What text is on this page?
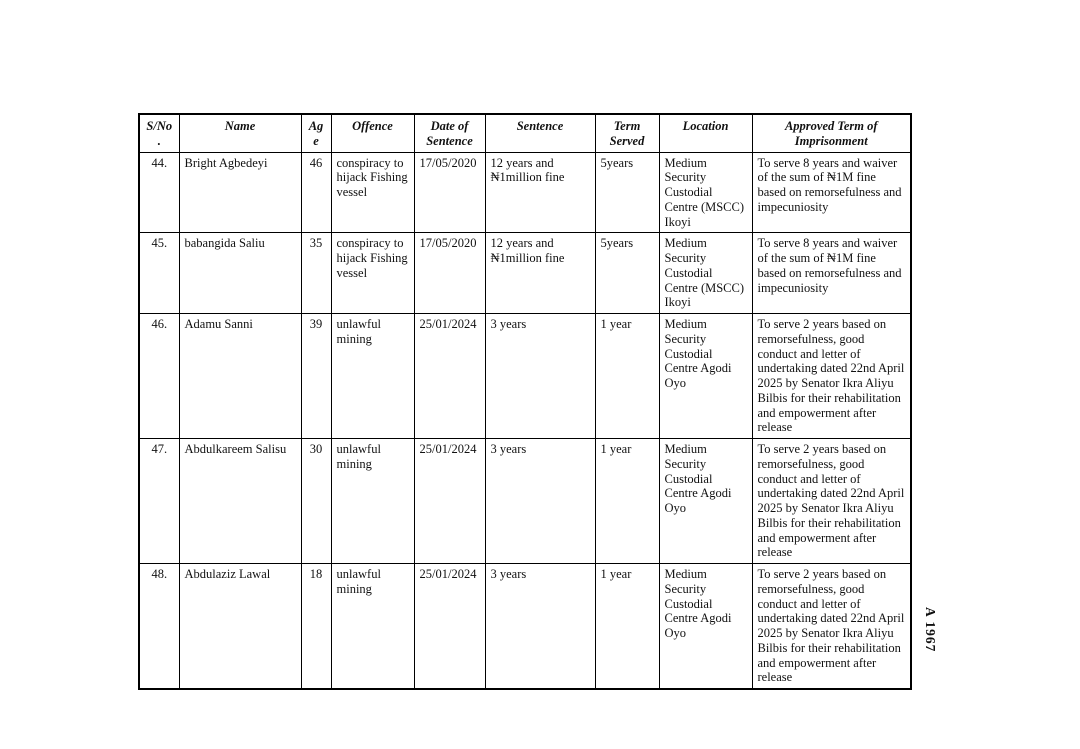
S/No.	Name	Age	Offence	Date of Sentence	Sentence	Term Served	Location	Approved Term of Imprisonment
44.	Bright Agbedeyi	46	conspiracy to hijack Fishing vessel	17/05/2020	12 years and ₦1million fine	5years	Medium Security Custodial Centre (MSCC) Ikoyi	To serve 8 years and waiver of the sum of ₦1M fine based on remorsefulness and impecuniosity
45.	babangida Saliu	35	conspiracy to hijack Fishing vessel	17/05/2020	12 years and ₦1million fine	5years	Medium Security Custodial Centre (MSCC) Ikoyi	To serve 8 years and waiver of the sum of ₦1M fine based on remorsefulness and impecuniosity
46.	Adamu Sanni	39	unlawful mining	25/01/2024	3 years	1 year	Medium Security Custodial Centre Agodi Oyo	To serve 2 years based on remorsefulness, good conduct and letter of undertaking dated 22nd April 2025 by Senator Ikra Aliyu Bilbis for their rehabilitation and empowerment after release
47.	Abdulkareem Salisu	30	unlawful mining	25/01/2024	3 years	1 year	Medium Security Custodial Centre Agodi Oyo	To serve 2 years based on remorsefulness, good conduct and letter of undertaking dated 22nd April 2025 by Senator Ikra Aliyu Bilbis for their rehabilitation and empowerment after release
48.	Abdulaziz Lawal	18	unlawful mining	25/01/2024	3 years	1 year	Medium Security Custodial Centre Agodi Oyo	To serve 2 years based on remorsefulness, good conduct and letter of undertaking dated 22nd April 2025 by Senator Ikra Aliyu Bilbis for their rehabilitation and empowerment after release
A 1967
